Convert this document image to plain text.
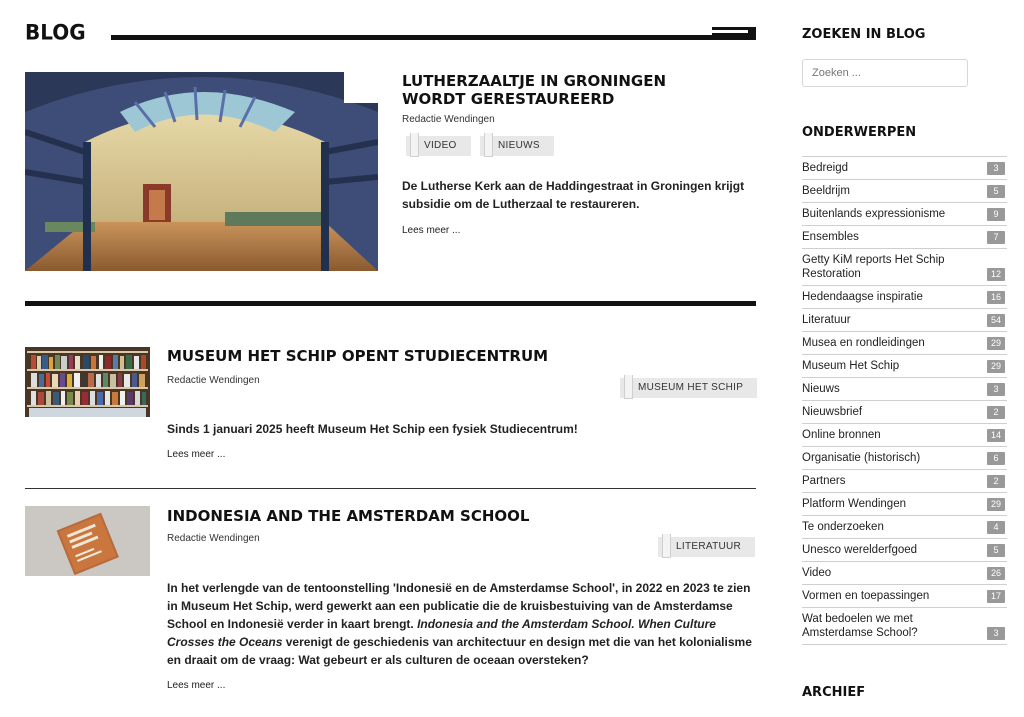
BLOG
LUTHERZAALTJE IN GRONINGEN WORDT GERESTAUREERD
Redactie Wendingen
VIDEO	NIEUWS
De Lutherse Kerk aan de Haddingestraat in Groningen krijgt subsidie om de Lutherzaal te restaureren.
Lees meer ...
MUSEUM HET SCHIP OPENT STUDIECENTRUM
Redactie Wendingen
MUSEUM HET SCHIP
Sinds 1 januari 2025 heeft Museum Het Schip een fysiek Studiecentrum!
Lees meer ...
INDONESIA AND THE AMSTERDAM SCHOOL
Redactie Wendingen
LITERATUUR
In het verlengde van de tentoonstelling 'Indonesië en de Amsterdamse School', in 2022 en 2023 te zien in Museum Het Schip, werd gewerkt aan een publicatie die de kruisbestuiving van de Amsterdamse School en Indonesië verder in kaart brengt. Indonesia and the Amsterdam School. When Culture Crosses the Oceans verenigt de geschiedenis van architectuur en design met die van het kolonialisme en draait om de vraag: Wat gebeurt er als culturen de oceaan oversteken?
Lees meer ...
ZOEKEN IN BLOG
Zoeken ...
ONDERWERPEN
Bedreigd	3
Beeldrijm	5
Buitenlands expressionisme	9
Ensembles	7
Getty KiM reports Het Schip Restoration	12
Hedendaagse inspiratie	16
Literatuur	54
Musea en rondleidingen	29
Museum Het Schip	29
Nieuws	3
Nieuwsbrief	2
Online bronnen	14
Organisatie (historisch)	6
Partners	2
Platform Wendingen	29
Te onderzoeken	4
Unesco werelderfgoed	5
Video	26
Vormen en toepassingen	17
Wat bedoelen we met Amsterdamse School?	3
ARCHIEF
